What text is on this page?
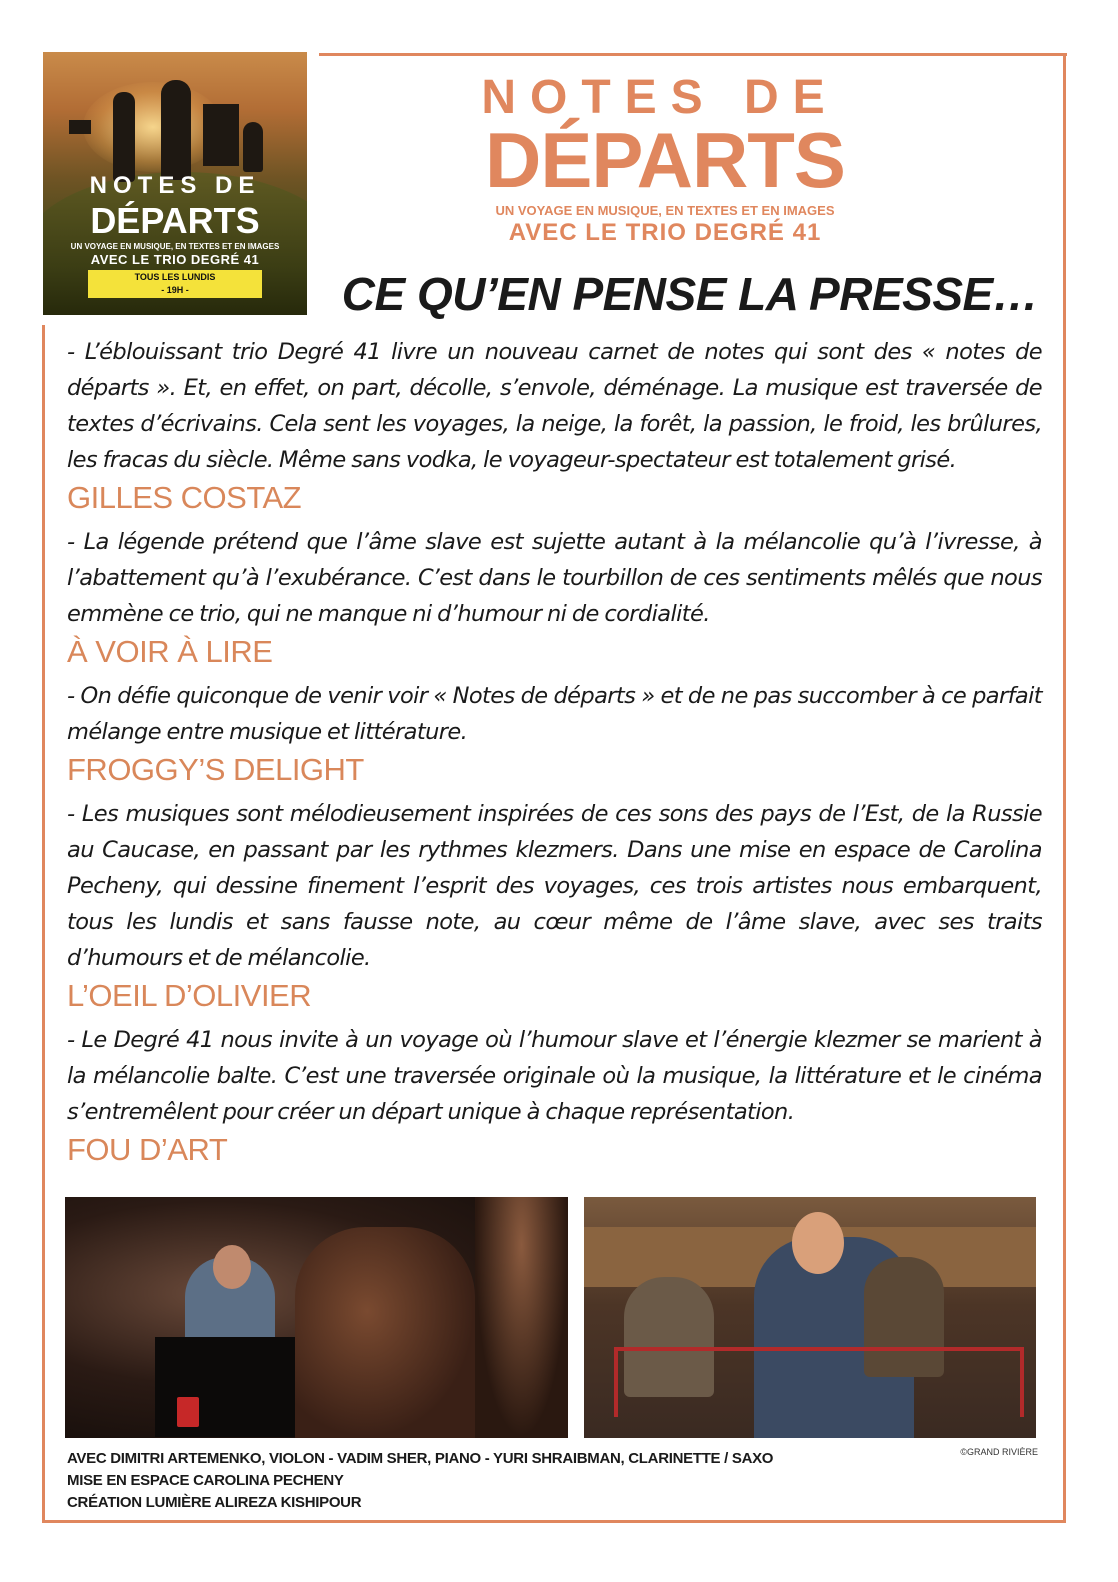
NOTES DE
DÉPARTS
UN VOYAGE EN MUSIQUE, EN TEXTES ET EN IMAGES
AVEC LE TRIO DEGRÉ 41
TOUS LES LUNDIS
- 19H -
NOTES DE
DÉPARTS
UN VOYAGE EN MUSIQUE, EN TEXTES ET EN IMAGES
AVEC LE TRIO DEGRÉ 41
CE QU’EN PENSE LA PRESSE…

- L’éblouissant trio Degré 41 livre un nouveau carnet de notes qui sont des « notes de départs ». Et, en effet, on part, décolle, s’envole, déménage. La musique est traversée de textes d’écrivains. Cela sent les voyages, la neige, la forêt, la passion, le froid, les brûlures, les fracas du siècle. Même sans vodka, le voyageur-spectateur est totalement grisé.

GILLES COSTAZ

- La légende prétend que l’âme slave est sujette autant à la mélancolie qu’à l’ivresse, à l’abattement qu’à l’exubérance. C’est dans le tourbillon de ces sentiments mêlés que nous emmène ce trio, qui ne manque ni d’humour ni de cordialité.

À VOIR À LIRE

- On défie quiconque de venir voir « Notes de départs » et de ne pas succomber à ce parfait mélange entre musique et littérature.

FROGGY’S DELIGHT

- Les musiques sont mélodieusement inspirées de ces sons des pays de l’Est, de la Russie au Caucase, en passant par les rythmes klezmers. Dans une mise en espace de Carolina Pecheny, qui dessine finement l’esprit des voyages, ces trois artistes nous embarquent, tous les lundis et sans fausse note, au cœur même de l’âme slave, avec ses traits d’humours et de mélancolie.

L’OEIL D’OLIVIER

- Le Degré 41 nous invite à un voyage où l’humour slave et l’énergie klezmer se marient à la mélancolie balte. C’est une traversée originale où la musique, la littérature et le cinéma s’entremêlent pour créer un départ unique à chaque représentation.

FOU D’ART

AVEC DIMITRI ARTEMENKO, VIOLON - VADIM SHER, PIANO - YURI SHRAIBMAN, CLARINETTE / SAXO
MISE EN ESPACE CAROLINA PECHENY
CRÉATION LUMIÈRE ALIREZA KISHIPOUR
©GRAND RIVIÈRE
